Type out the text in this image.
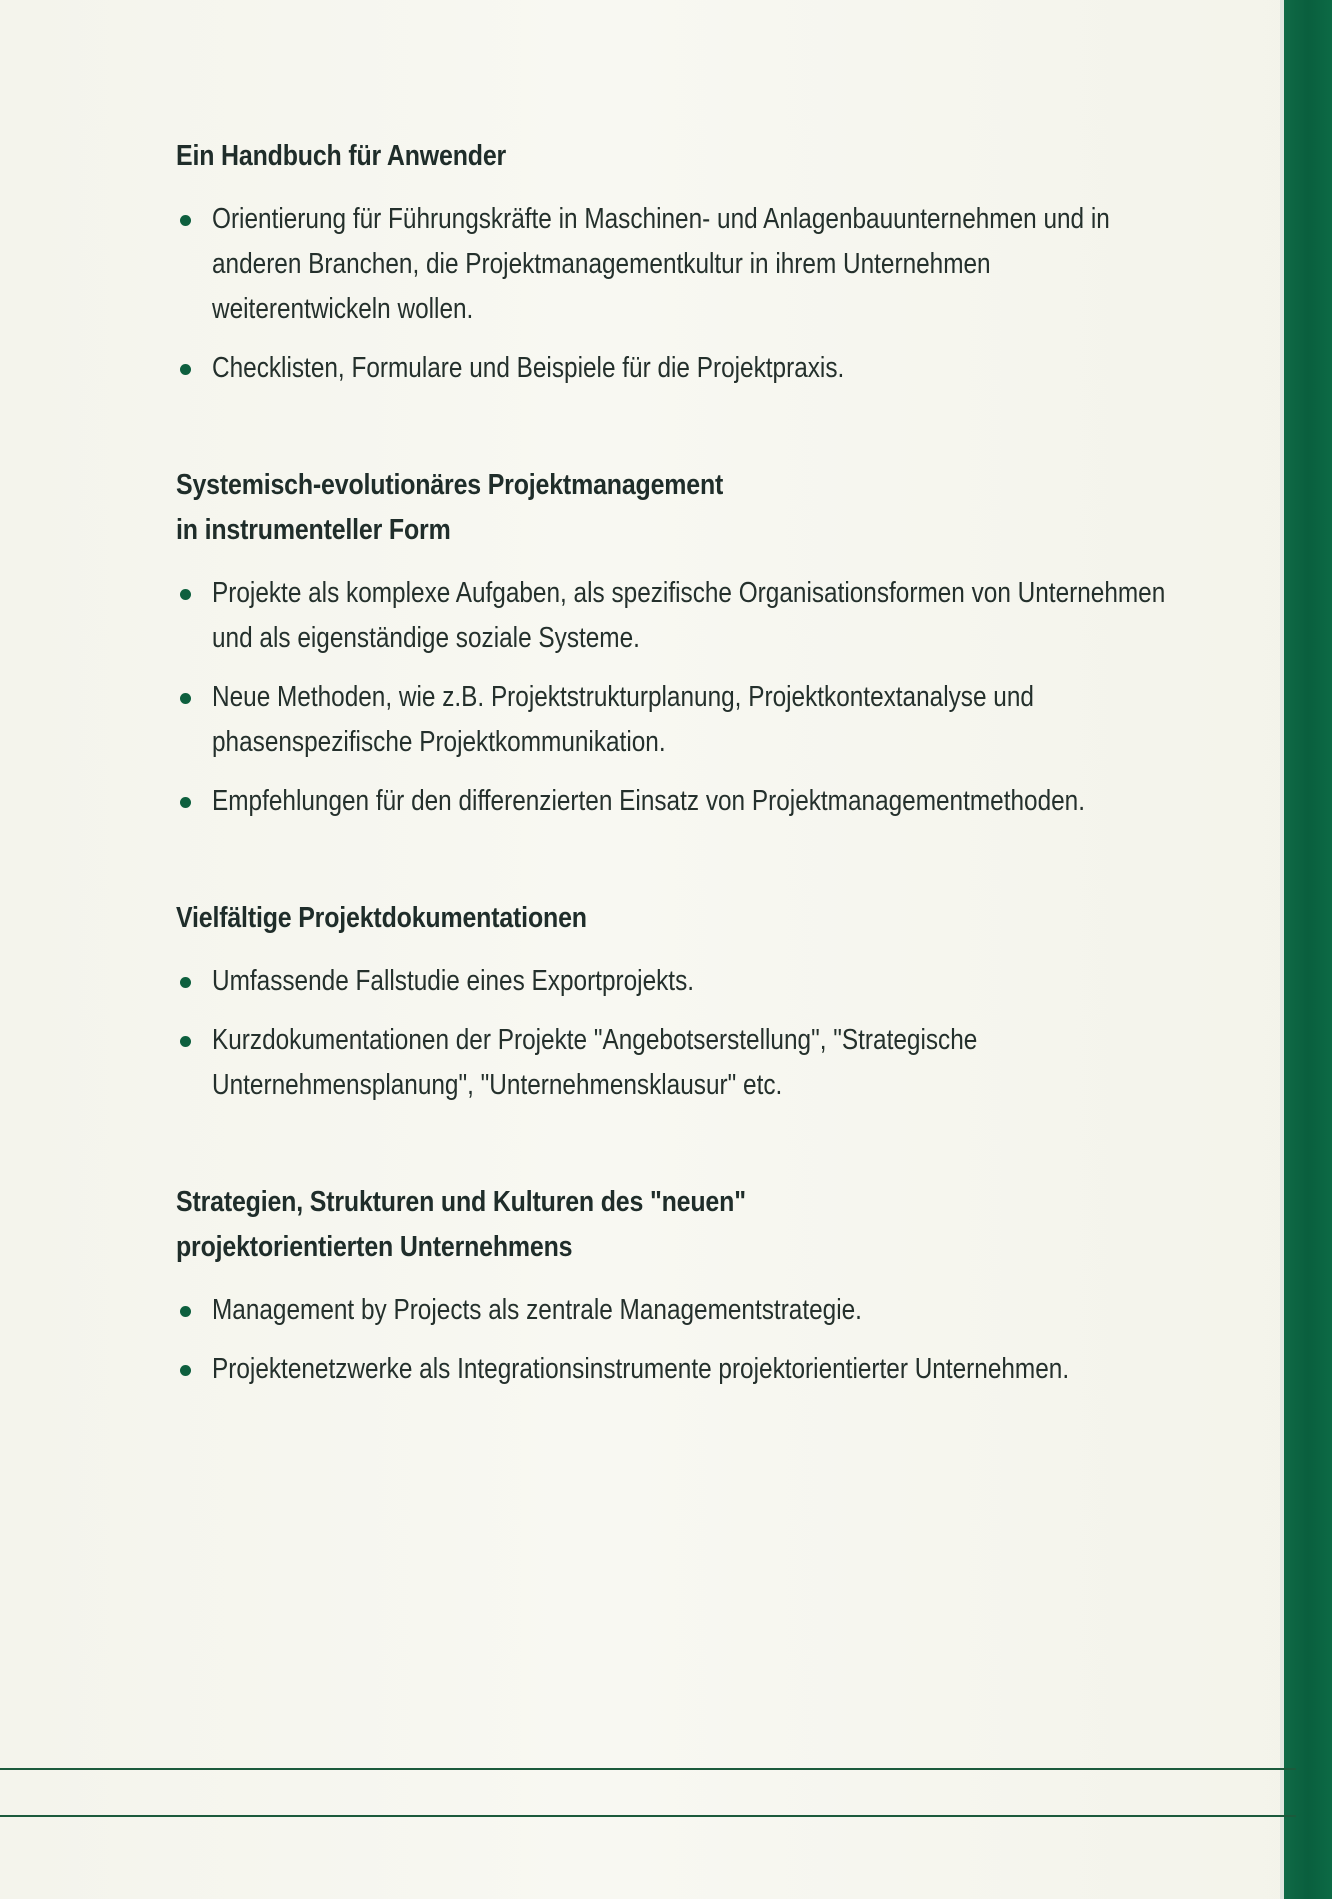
Ein Handbuch für Anwender
Orientierung für Führungskräfte in Maschinen- und Anlagenbauunternehmen und in anderen Branchen, die Projektmanagementkultur in ihrem Unternehmen weiterentwickeln wollen.
Checklisten, Formulare und Beispiele für die Projektpraxis.
Systemisch-evolutionäres Projektmanagement
in instrumenteller Form
Projekte als komplexe Aufgaben, als spezifische Organisationsformen von Unternehmen und als eigenständige soziale Systeme.
Neue Methoden, wie z.B. Projektstrukturplanung, Projektkontextanalyse und phasenspezifische Projektkommunikation.
Empfehlungen für den differenzierten Einsatz von Projektmanagementmethoden.
Vielfältige Projektdokumentationen
Umfassende Fallstudie eines Exportprojekts.
Kurzdokumentationen der Projekte "Angebotserstellung", "Strategische Unternehmensplanung", "Unternehmensklausur" etc.
Strategien, Strukturen und Kulturen des "neuen"
projektorientierten Unternehmens
Management by Projects als zentrale Managementstrategie.
Projektenetzwerke als Integrationsinstrumente projektorientierter Unternehmen.
